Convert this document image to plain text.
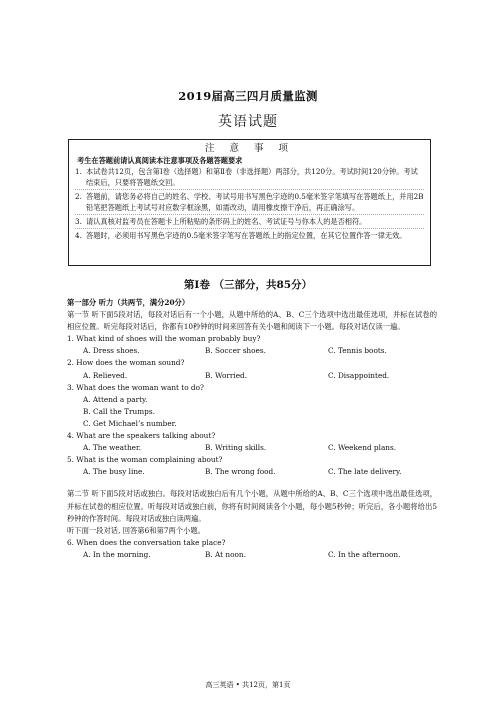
2019届高三四月质量监测
英语试题
注 意 事 项
考生在答题前请认真阅读本注意事项及各题答题要求
1. 本试卷共12页，包含第Ⅰ卷（选择题）和第Ⅱ卷（非选择题）两部分，共120分。考试时间120分钟。考试结束后，只要将答题纸交回。
2. 答题前，请您务必将自己的姓名、学校、考试号用书写黑色字迹的0.5毫米签字笔填写在答题纸上，并用2B铅笔把答题纸上考试号对应数字框涂黑，如需改动，请用橡皮擦干净后，再正确涂写。
3. 请认真核对监考员在答题卡上所粘贴的条形码上的姓名、考试证号与你本人的是否相符。
4. 答题时，必须用书写黑色字迹的0.5毫米签字笔写在答题纸上的指定位置，在其它位置作答一律无效。
第Ⅰ卷 （三部分，共85分）
第一部分 听力（共两节，满分20分）
第一节 听下面5段对话，每段对话后有一个小题，从题中所给的A、B、C三个选项中选出最佳选项，并标在试卷的相应位置。听完每段对话后，你都有10秒钟的时间来回答有关小题和阅读下一小题。每段对话仅读一遍。
1. What kind of shoes will the woman probably buy?
A. Dress shoes.	B. Soccer shoes.	C. Tennis boots.
2. How does the woman sound?
A. Relieved.	B. Worried.	C. Disappointed.
3. What does the woman want to do?
A. Attend a party.
B. Call the Trumps.
C. Get Michael’s number.
4. What are the speakers talking about?
A. The weather.	B. Writing skills.	C. Weekend plans.
5. What is the woman complaining about?
A. The busy line.	B. The wrong food.	C. The late delivery.
第二节 听下面5段对话或独白。每段对话或独白后有几个小题，从题中所给的A、B、C三个选项中选出最佳选项，并标在试卷的相应位置。听每段对话或独白前，你将有时间阅读各个小题，每小题5秒钟；听完后，各小题将给出5秒钟的作答时间。每段对话或独白读两遍。
听下面一段对话, 回答第6和第7两个小题。
6. When does the conversation take place?
A. In the morning.	B. At noon.	C. In the afternoon.
高三英语 • 共12页，第1页
